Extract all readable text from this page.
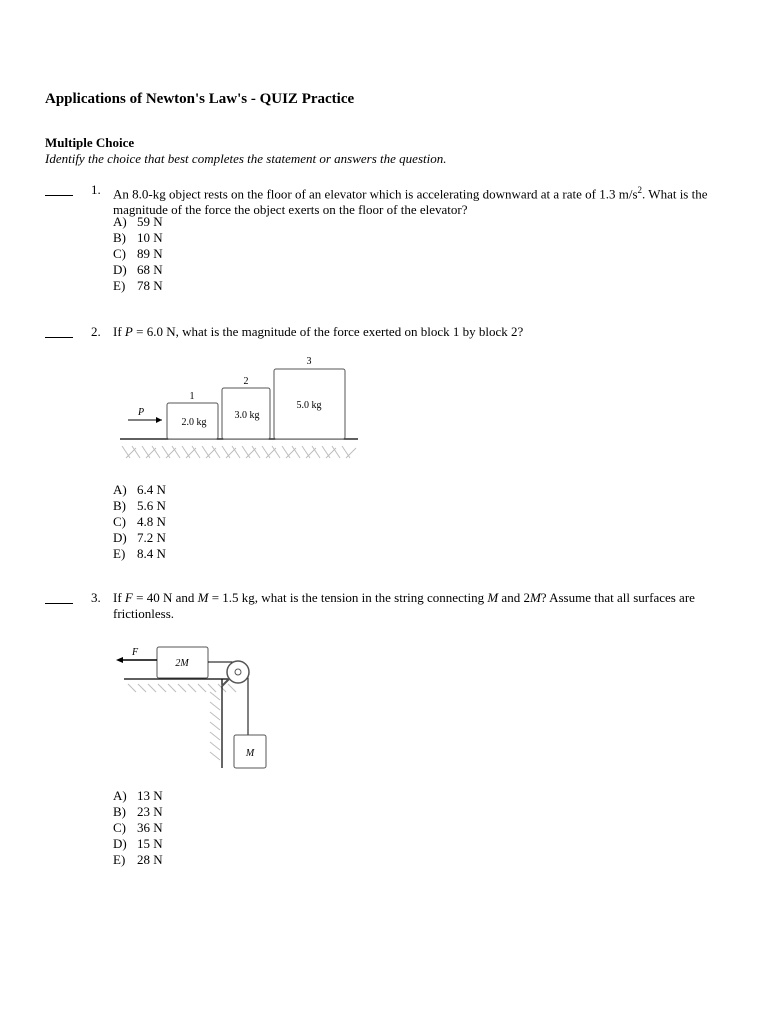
Applications of Newton's Law's - QUIZ Practice
Multiple Choice
Identify the choice that best completes the statement or answers the question.
1. An 8.0-kg object rests on the floor of an elevator which is accelerating downward at a rate of 1.3 $m/s^2$. What is the magnitude of the force the object exerts on the floor of the elevator?
A) 59 N
B) 10 N
C) 89 N
D) 68 N
E) 78 N
2. If P = 6.0 N, what is the magnitude of the force exerted on block 1 by block 2?
A) 6.4 N
B) 5.6 N
C) 4.8 N
D) 7.2 N
E) 8.4 N
P
1
2.0 kg
2
3.0 kg
3
5.0 kg
3. If F = 40 N and M = 1.5 kg, what is the tension in the string connecting M and 2M? Assume that all surfaces are frictionless.
A) 13 N
B) 23 N
C) 36 N
D) 15 N
E) 28 N
2M
F
M
